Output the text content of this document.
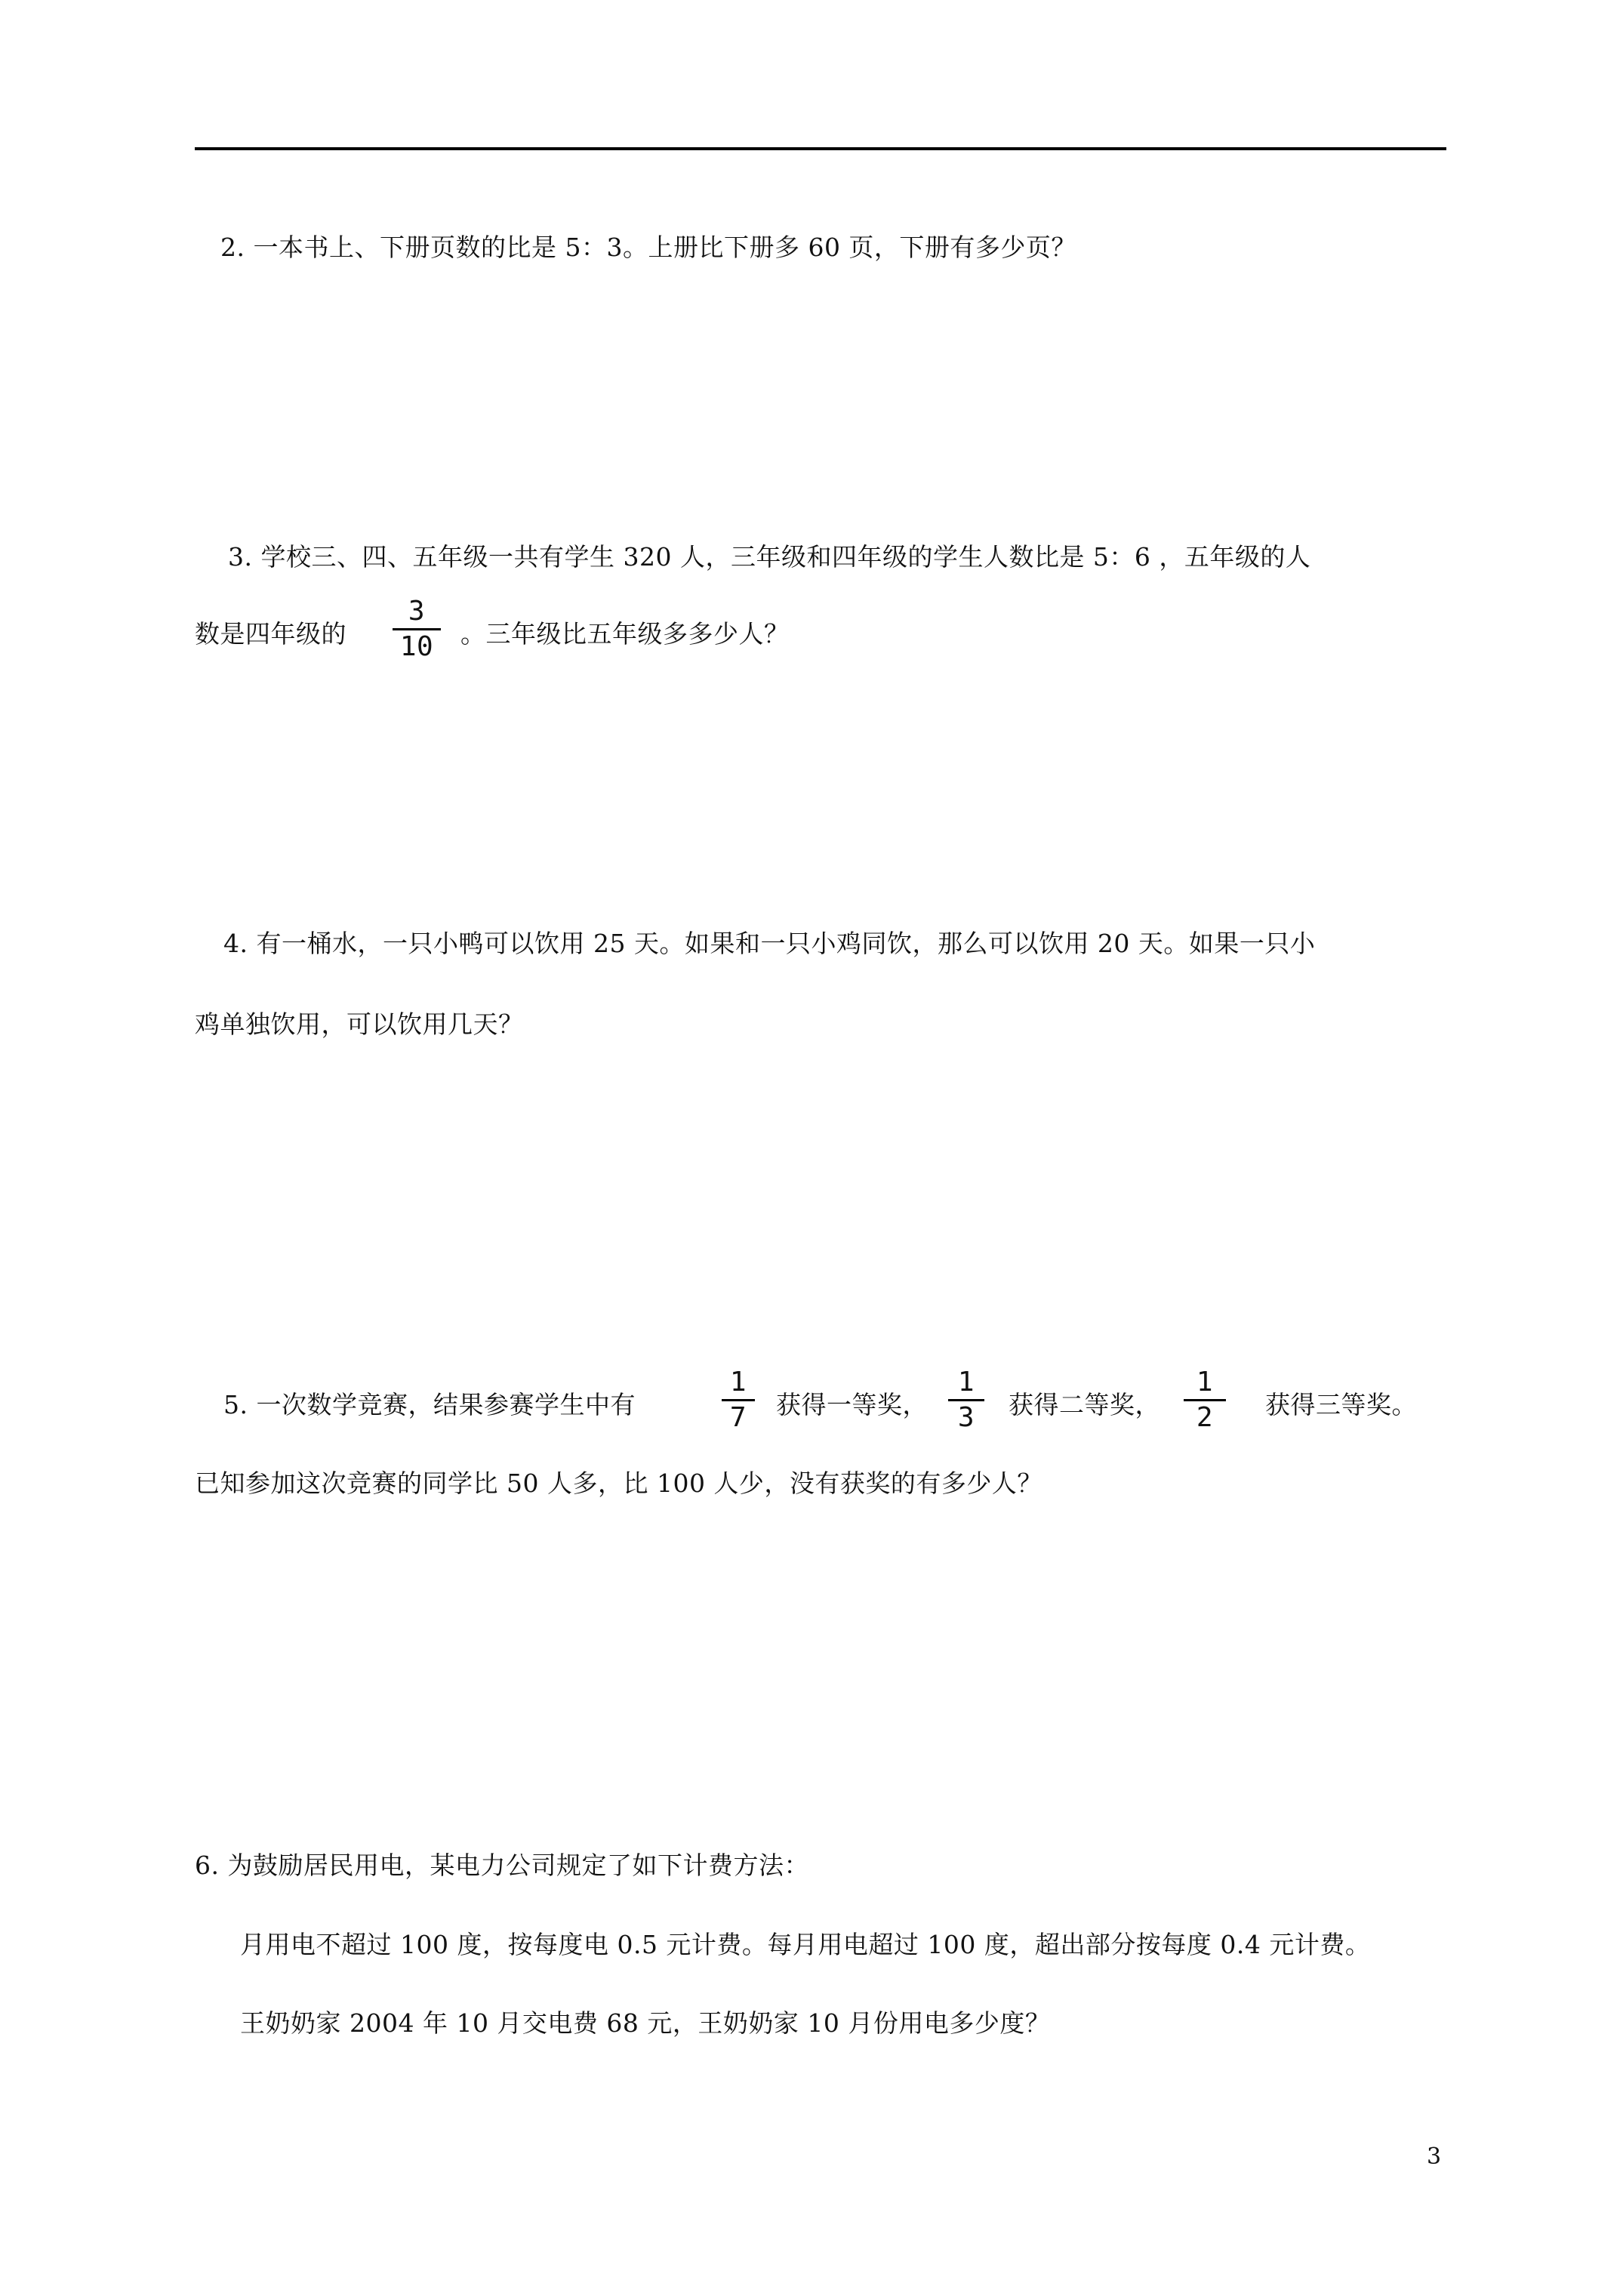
2. 一本书上、下册页数的比是 5：3。上册比下册多 60 页，下册有多少页？
3. 学校三、四、五年级一共有学生 320 人，三年级和四年级的学生人数比是 5：6 ，五年级的人
数是四年级的
3
10 。三年级比五年级多多少人？
4. 有一桶水，一只小鸭可以饮用 25 天。如果和一只小鸡同饮，那么可以饮用 20 天。如果一只小
鸡单独饮用，可以饮用几天？
5. 一次数学竞赛，结果参赛学生中有
1
7	获得一等奖，
1
3	获得二等奖，
1
2	获得三等奖。
已知参加这次竞赛的同学比 50 人多，比 100 人少，没有获奖的有多少人？
6. 为鼓励居民用电，某电力公司规定了如下计费方法：
月用电不超过 100 度，按每度电 0.5 元计费。每月用电超过 100 度，超出部分按每度 0.4 元计费。
王奶奶家 2004 年 10 月交电费 68 元，王奶奶家 10 月份用电多少度？
3
